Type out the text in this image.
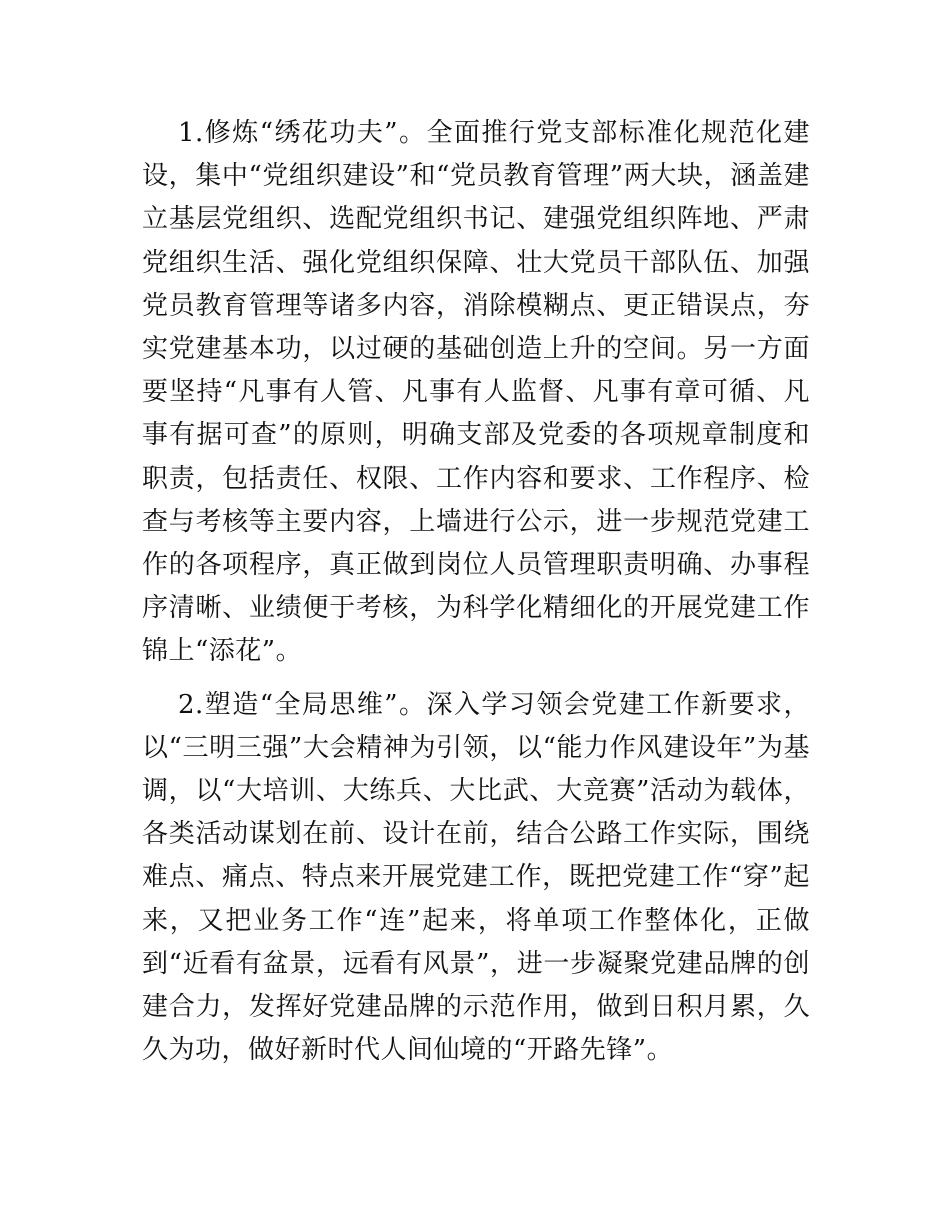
1.修炼“绣花功夫”。全面推行党支部标准化规范化建设，集中“党组织建设”和“党员教育管理”两大块，涵盖建立基层党组织、选配党组织书记、建强党组织阵地、严肃党组织生活、强化党组织保障、壮大党员干部队伍、加强党员教育管理等诸多内容，消除模糊点、更正错误点，夯实党建基本功，以过硬的基础创造上升的空间。另一方面要坚持“凡事有人管、凡事有人监督、凡事有章可循、凡事有据可查”的原则，明确支部及党委的各项规章制度和职责，包括责任、权限、工作内容和要求、工作程序、检查与考核等主要内容，上墙进行公示，进一步规范党建工作的各项程序，真正做到岗位人员管理职责明确、办事程序清晰、业绩便于考核，为科学化精细化的开展党建工作锦上“添花”。

2.塑造“全局思维”。深入学习领会党建工作新要求，以“三明三强”大会精神为引领，以“能力作风建设年”为基调，以“大培训、大练兵、大比武、大竞赛”活动为载体，各类活动谋划在前、设计在前，结合公路工作实际，围绕难点、痛点、特点来开展党建工作，既把党建工作“穿”起来，又把业务工作“连”起来，将单项工作整体化，正做到“近看有盆景，远看有风景”，进一步凝聚党建品牌的创建合力，发挥好党建品牌的示范作用，做到日积月累，久久为功，做好新时代人间仙境的“开路先锋”。
